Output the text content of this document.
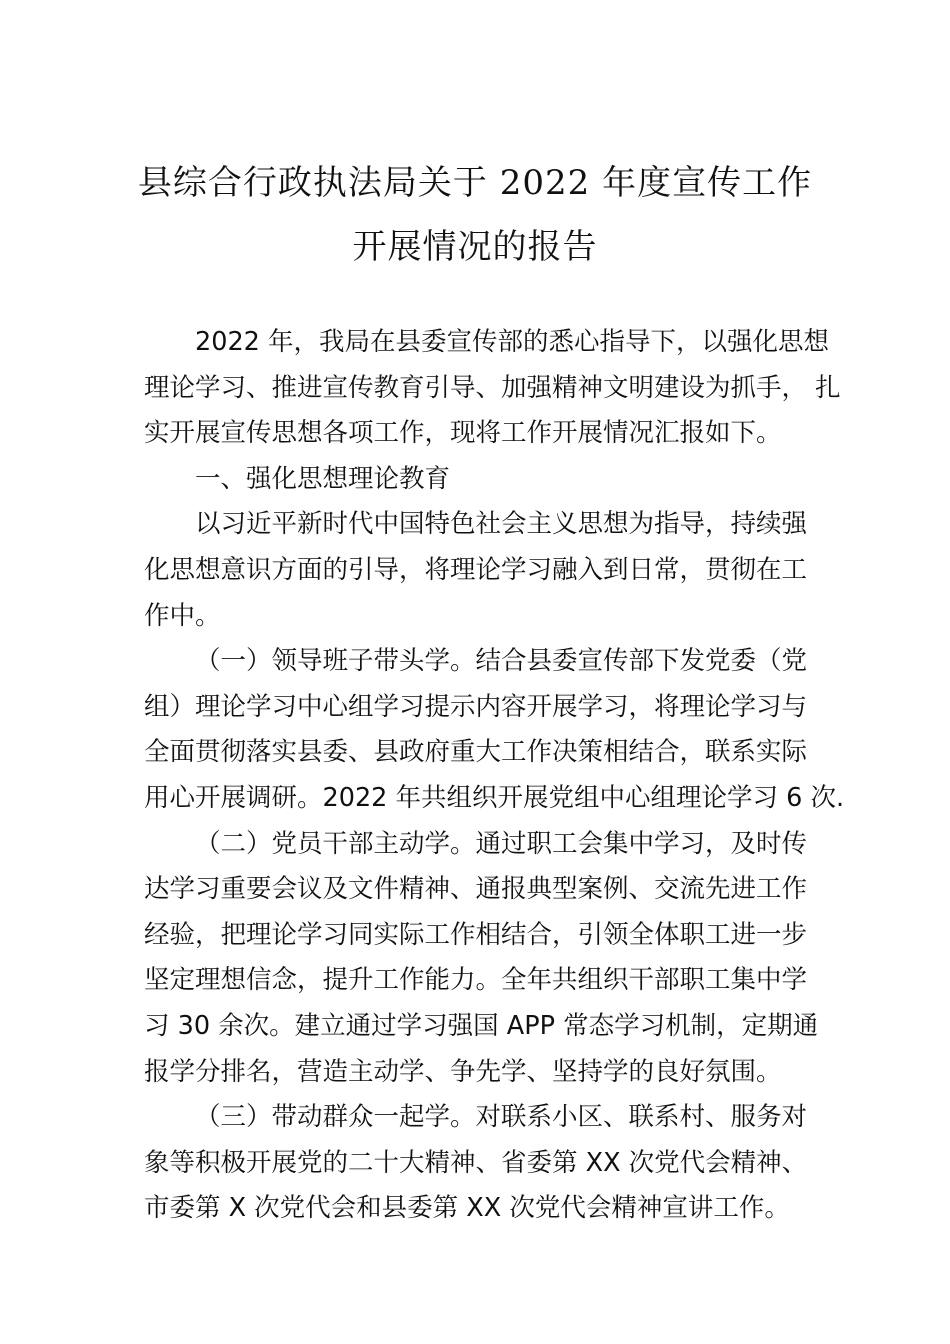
县综合行政执法局关于 2022 年度宣传工作
开展情况的报告

2022 年，我局在县委宣传部的悉心指导下，以强化思想
理论学习、推进宣传教育引导、加强精神文明建设为抓手， 扎
实开展宣传思想各项工作，现将工作开展情况汇报如下。

一、强化思想理论教育

以习近平新时代中国特色社会主义思想为指导，持续强
化思想意识方面的引导，将理论学习融入到日常，贯彻在工
作中。

（一）领导班子带头学。结合县委宣传部下发党委（党
组）理论学习中心组学习提示内容开展学习，将理论学习与
全面贯彻落实县委、县政府重大工作决策相结合，联系实际
用心开展调研。2022 年共组织开展党组中心组理论学习 6 次.

（二）党员干部主动学。通过职工会集中学习，及时传
达学习重要会议及文件精神、通报典型案例、交流先进工作
经验，把理论学习同实际工作相结合，引领全体职工进一步
坚定理想信念，提升工作能力。全年共组织干部职工集中学
习 30 余次。建立通过学习强国 APP 常态学习机制，定期通
报学分排名，营造主动学、争先学、坚持学的良好氛围。

（三）带动群众一起学。对联系小区、联系村、服务对
象等积极开展党的二十大精神、省委第 XX 次党代会精神、
市委第 X 次党代会和县委第 XX 次党代会精神宣讲工作。
